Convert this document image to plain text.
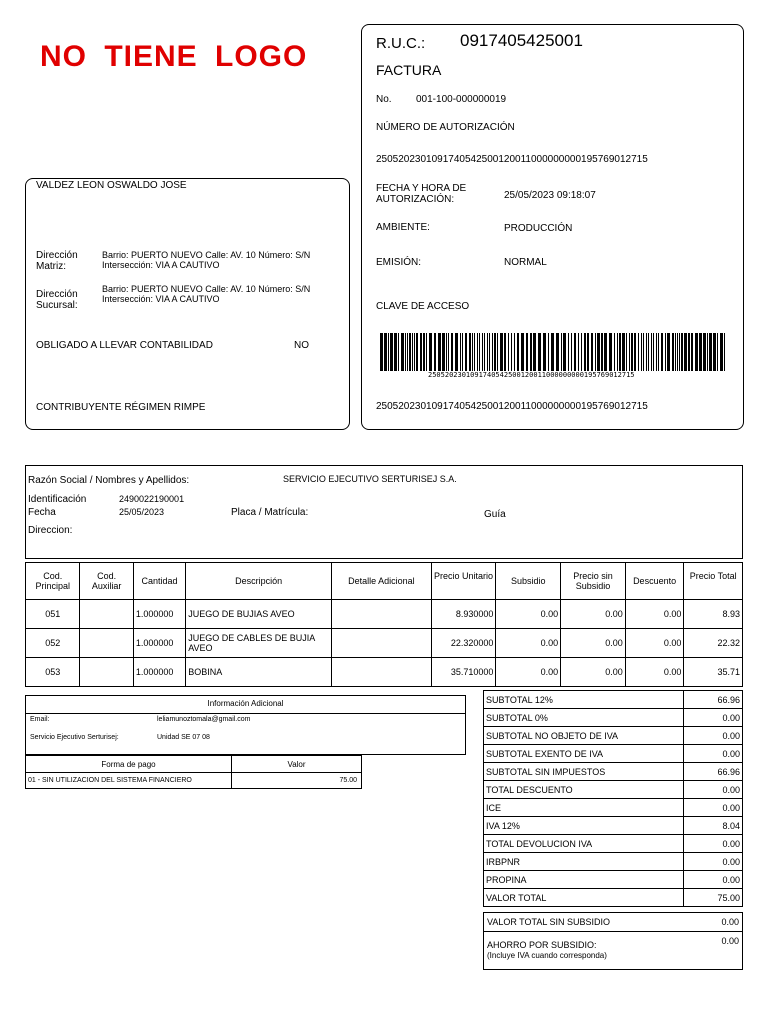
NO TIENE LOGO	R.U.C.: 0917405425001
FACTURA
No. 001-100-000000019
NÚMERO DE AUTORIZACIÓN
2505202301091740542500120011000000000195769012715
FECHA Y HORA DE AUTORIZACIÓN:	25/05/2023 09:18:07
AMBIENTE:	PRODUCCIÓN
EMISIÓN:	NORMAL
CLAVE DE ACCESO
2505202301091740542500120011000000000195769012715
2505202301091740542500120011000000000195769012715
VALDEZ LEON OSWALDO JOSE
Dirección Matriz:
Barrio: PUERTO NUEVO Calle: AV. 10 Número: S/N Intersección: VIA A CAUTIVO
Dirección Sucursal:
Barrio: PUERTO NUEVO Calle: AV. 10 Número: S/N Intersección: VIA A CAUTIVO
OBLIGADO A LLEVAR CONTABILIDAD	NO
CONTRIBUYENTE RÉGIMEN RIMPE
Razón Social / Nombres y Apellidos:	SERVICIO EJECUTIVO SERTURISEJ S.A.
Identificación	2490022190001
Fecha	25/05/2023	Placa / Matrícula:	Guía
Direccion:
Cod. Principal	Cod. Auxiliar	Cantidad	Descripción	Detalle Adicional	Precio Unitario	Subsidio	Precio sin Subsidio	Descuento	Precio Total
051		1.000000	JUEGO DE BUJIAS AVEO		8.930000	0.00	0.00	0.00	8.93
052		1.000000	JUEGO DE CABLES DE BUJIA AVEO		22.320000	0.00	0.00	0.00	22.32
053		1.000000	BOBINA		35.710000	0.00	0.00	0.00	35.71
Información Adicional
Email:	leliamunoztomala@gmail.com
Servicio Ejecutivo Serturisej:	Unidad SE 07 08
Forma de pago	Valor
01 - SIN UTILIZACION DEL SISTEMA FINANCIERO	75.00
SUBTOTAL 12%	66.96
SUBTOTAL 0%	0.00
SUBTOTAL NO OBJETO DE IVA	0.00
SUBTOTAL EXENTO DE IVA	0.00
SUBTOTAL SIN IMPUESTOS	66.96
TOTAL DESCUENTO	0.00
ICE	0.00
IVA 12%	8.04
TOTAL DEVOLUCION IVA	0.00
IRBPNR	0.00
PROPINA	0.00
VALOR TOTAL	75.00
VALOR TOTAL SIN SUBSIDIO	0.00
AHORRO POR SUBSIDIO:
(Incluye IVA cuando corresponda)
0.00
